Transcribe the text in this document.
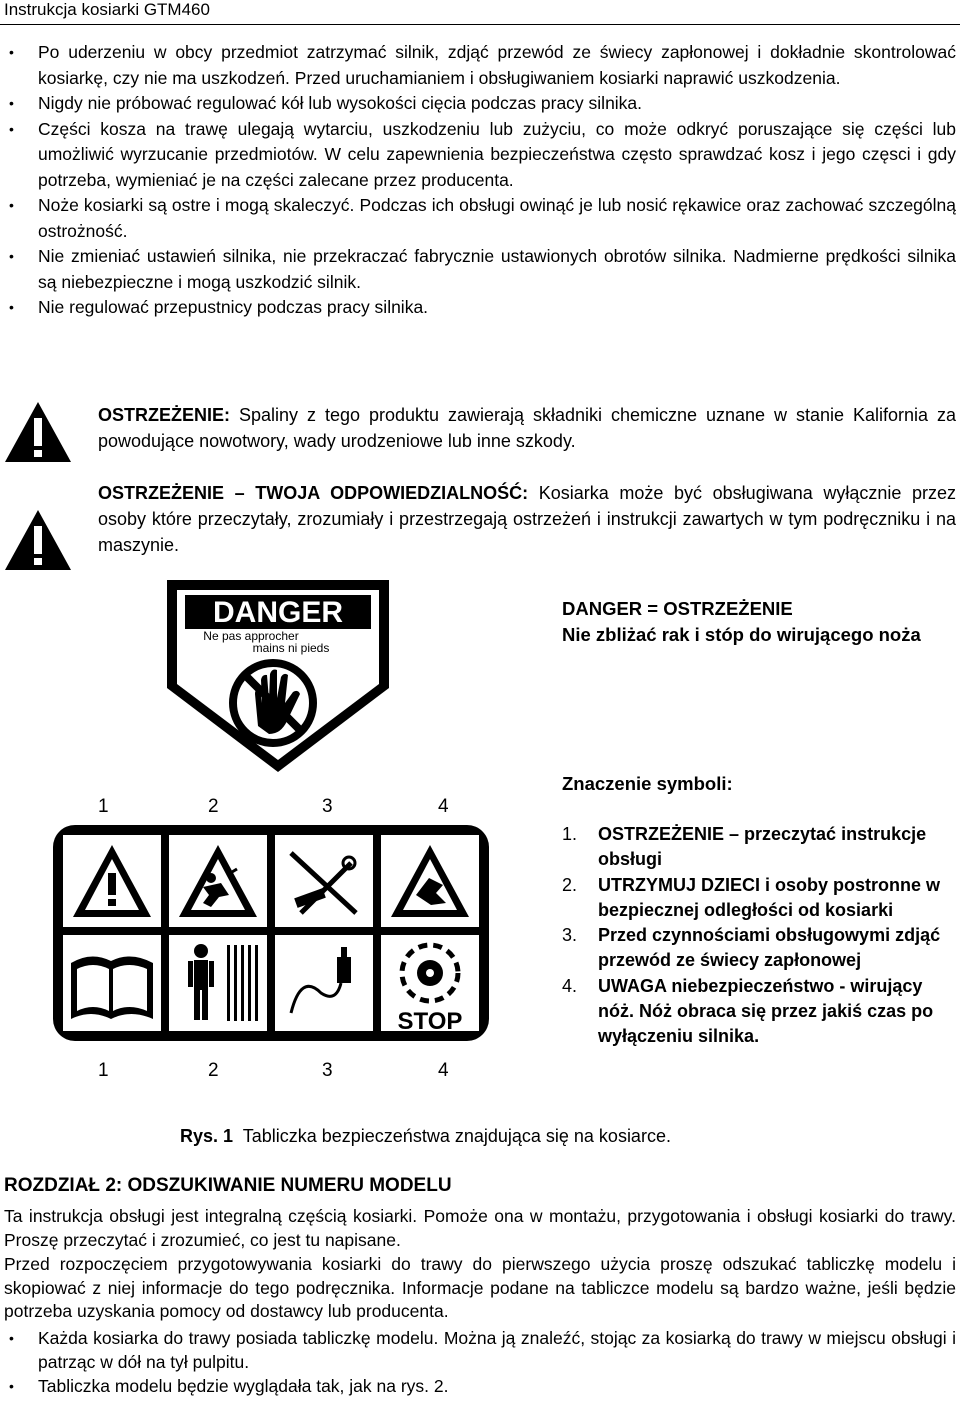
Instrukcja kosiarki GTM460
• Po uderzeniu w obcy przedmiot zatrzymać silnik, zdjąć przewód ze świecy zapłonowej i dokładnie skontrolować kosiarkę, czy nie ma uszkodzeń. Przed uruchamianiem i obsługiwaniem kosiarki naprawić uszkodzenia.
• Nigdy nie próbować regulować kół lub wysokości cięcia podczas pracy silnika.
• Części kosza na trawę ulegają wytarciu, uszkodzeniu lub zużyciu, co może odkryć poruszające się części lub umożliwić wyrzucanie przedmiotów. W celu zapewnienia bezpieczeństwa często sprawdzać kosz i jego częsci i gdy potrzeba, wymieniać je na części zalecane przez producenta.
• Noże kosiarki są ostre i mogą skaleczyć. Podczas ich obsługi owinąć je lub nosić rękawice oraz zachować szczególną ostrożność.
• Nie zmieniać ustawień silnika, nie przekraczać fabrycznie ustawionych obrotów silnika. Nadmierne prędkości silnika są niebezpieczne i mogą uszkodzić silnik.
• Nie regulować przepustnicy podczas pracy silnika.
OSTRZEŻENIE: Spaliny z tego produktu zawierają składniki chemiczne uznane w stanie Kalifornia za powodujące nowotwory, wady urodzeniowe lub inne szkody.
OSTRZEŻENIE – TWOJA ODPOWIEDZIALNOŚĆ: Kosiarka może być obsługiwana wyłącznie przez osoby które przeczytały, zrozumiały i przestrzegają ostrzeżeń i instrukcji zawartych w tym podręczniku i na maszynie.
DANGER
Ne pas approcher
mains ni pieds
DANGER = OSTRZEŻENIE
Nie zbliżać rak i stóp do wirującego noża
1	2	3	4
STOP
1	2	3	4
Znaczenie symboli:
1. OSTRZEŻENIE – przeczytać instrukcje obsługi
2. UTRZYMUJ DZIECI i osoby postronne w bezpiecznej odległości od kosiarki
3. Przed czynnościami obsługowymi zdjąć przewód ze świecy zapłonowej
4. UWAGA niebezpieczeństwo - wirujący nóż. Nóż obraca się przez jakiś czas po wyłączeniu silnika.
Rys. 1  Tabliczka bezpieczeństwa znajdująca się na kosiarce.
ROZDZIAŁ 2: ODSZUKIWANIE NUMERU MODELU

Ta instrukcja obsługi jest integralną częścią kosiarki. Pomoże ona w montażu, przygotowania i obsługi kosiarki do trawy. Proszę przeczytać i zrozumieć, co jest tu napisane.

Przed rozpoczęciem przygotowywania kosiarki do trawy do pierwszego użycia proszę odszukać tabliczkę modelu i skopiować z niej informacje do tego podręcznika. Informacje podane na tabliczce modelu są bardzo ważne, jeśli będzie potrzeba uzyskania pomocy od dostawcy lub producenta.

• Każda kosiarka do trawy posiada tabliczkę modelu. Można ją znaleźć, stojąc za kosiarką do trawy w miejscu obsługi i patrząc w dół na tył pulpitu.
• Tabliczka modelu będzie wyglądała tak, jak na rys. 2.
